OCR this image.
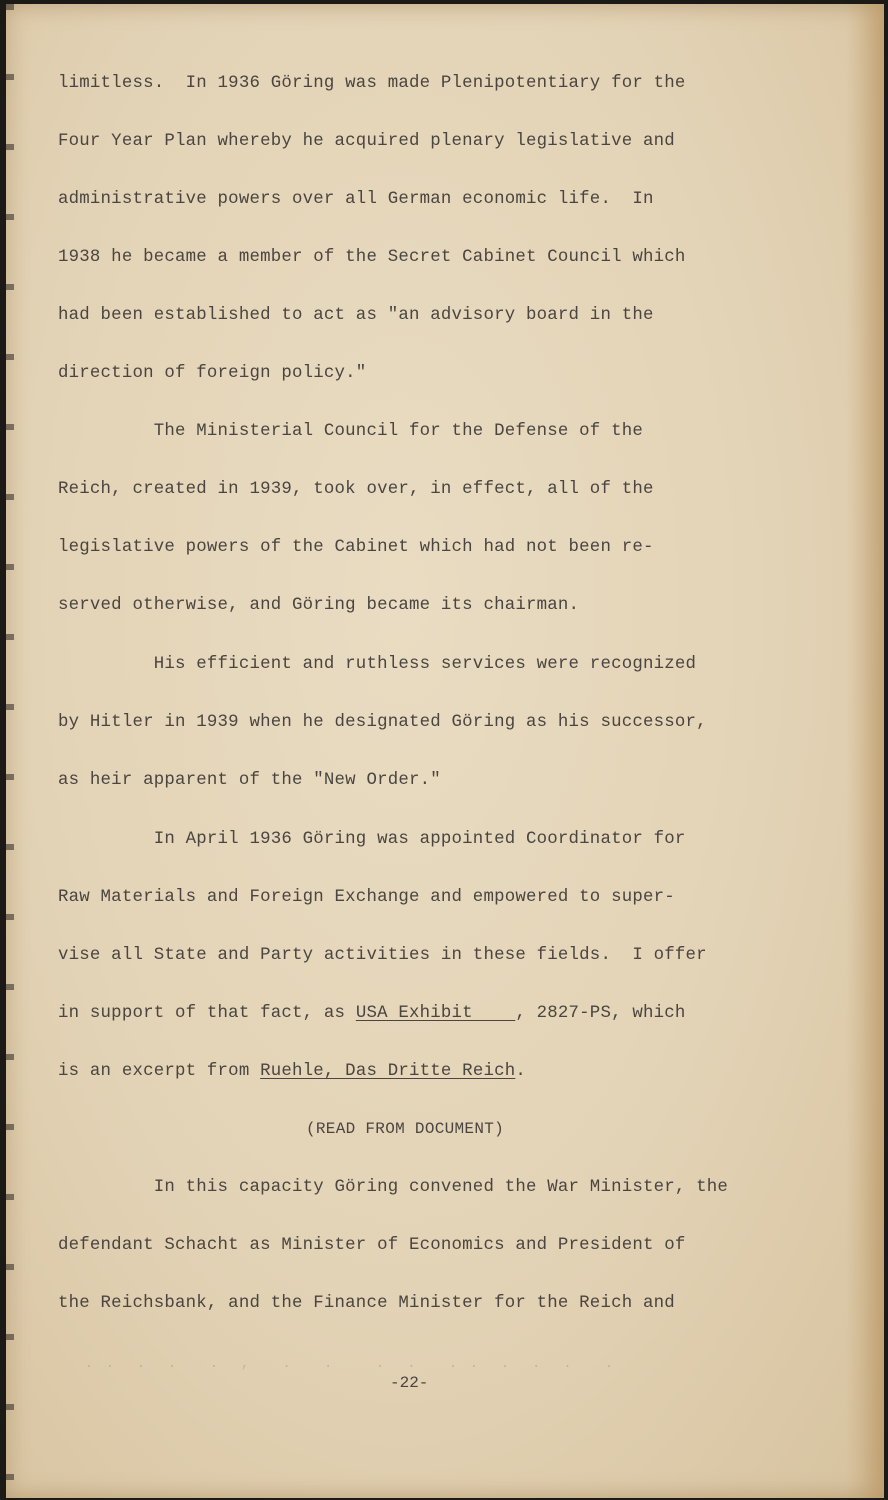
limitless.  In 1936 Göring was made Plenipotentiary for the
Four Year Plan whereby he acquired plenary legislative and
administrative powers over all German economic life.  In
1938 he became a member of the Secret Cabinet Council which
had been established to act as "an advisory board in the
direction of foreign policy."
The Ministerial Council for the Defense of the
Reich, created in 1939, took over, in effect, all of the
legislative powers of the Cabinet which had not been re-
served otherwise, and Göring became its chairman.
His efficient and ruthless services were recognized
by Hitler in 1939 when he designated Göring as his successor,
as heir apparent of the "New Order."
In April 1936 Göring was appointed Coordinator for
Raw Materials and Foreign Exchange and empowered to super-
vise all State and Party activities in these fields.  I offer
in support of that fact, as USA Exhibit    , 2827-PS, which
is an excerpt from Ruehle, Das Dritte Reich.
(READ FROM DOCUMENT)
In this capacity Göring convened the War Minister, the
defendant Schacht as Minister of Economics and President of
the Reichsbank, and the Finance Minister for the Reich and
. .  .  .   .  ,   .   .    .  .   . .  .  .  .   .
-22-
